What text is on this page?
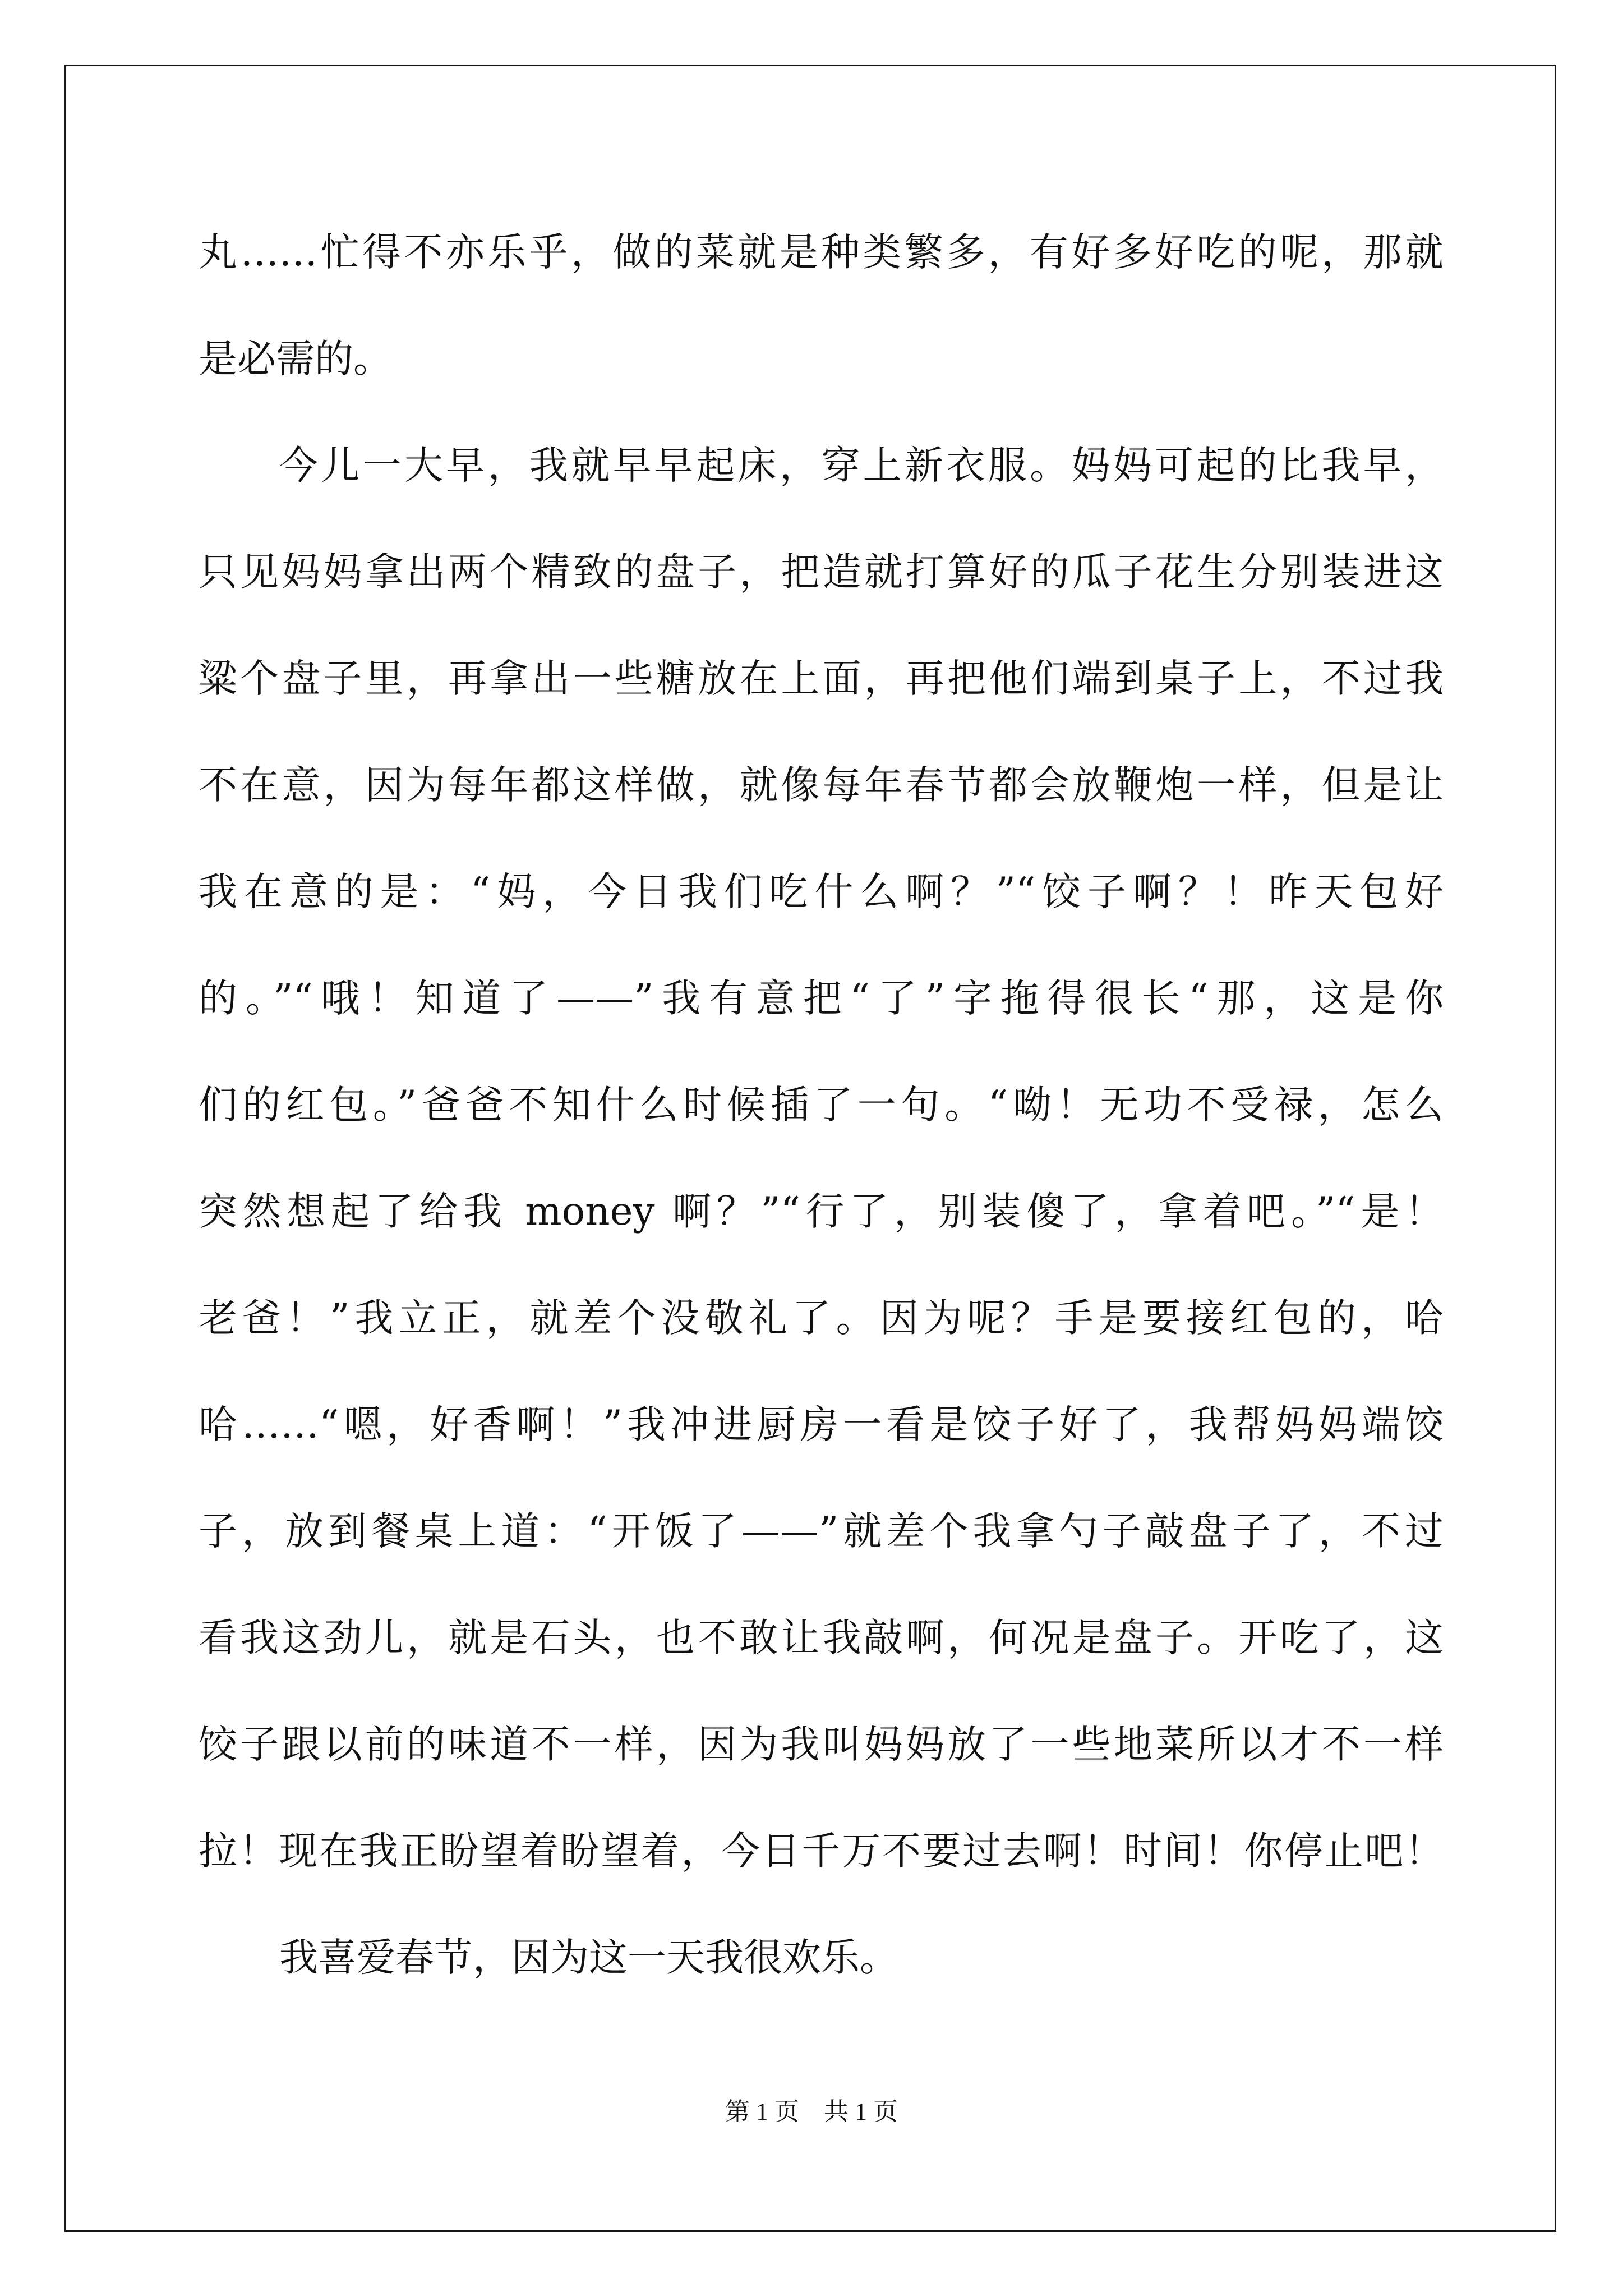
丸……忙得不亦乐乎，做的菜就是种类繁多，有好多好吃的呢，那就

是必需的。

今儿一大早，我就早早起床，穿上新衣服。妈妈可起的比我早，

只见妈妈拿出两个精致的盘子，把造就打算好的瓜子花生分别装进这

粱个盘子里，再拿出一些糖放在上面，再把他们端到桌子上，不过我

不在意，因为每年都这样做，就像每年春节都会放鞭炮一样，但是让

我在意的是：“妈，今日我们吃什么啊？”“饺子啊？！昨天包好

的。”“哦！知道了——”我有意把“了”字拖得很长“那，这是你

们的红包。”爸爸不知什么时候插了一句。“呦！无功不受禄，怎么

突然想起了给我 money 啊？”“行了，别装傻了，拿着吧。”“是！

老爸！”我立正，就差个没敬礼了。因为呢？手是要接红包的，哈

哈……“嗯，好香啊！”我冲进厨房一看是饺子好了，我帮妈妈端饺

子，放到餐桌上道：“开饭了——”就差个我拿勺子敲盘子了，不过

看我这劲儿，就是石头，也不敢让我敲啊，何况是盘子。开吃了，这

饺子跟以前的味道不一样，因为我叫妈妈放了一些地菜所以才不一样

拉！现在我正盼望着盼望着，今日千万不要过去啊！时间！你停止吧！

我喜爱春节，因为这一天我很欢乐。

第 1 页    共 1 页
